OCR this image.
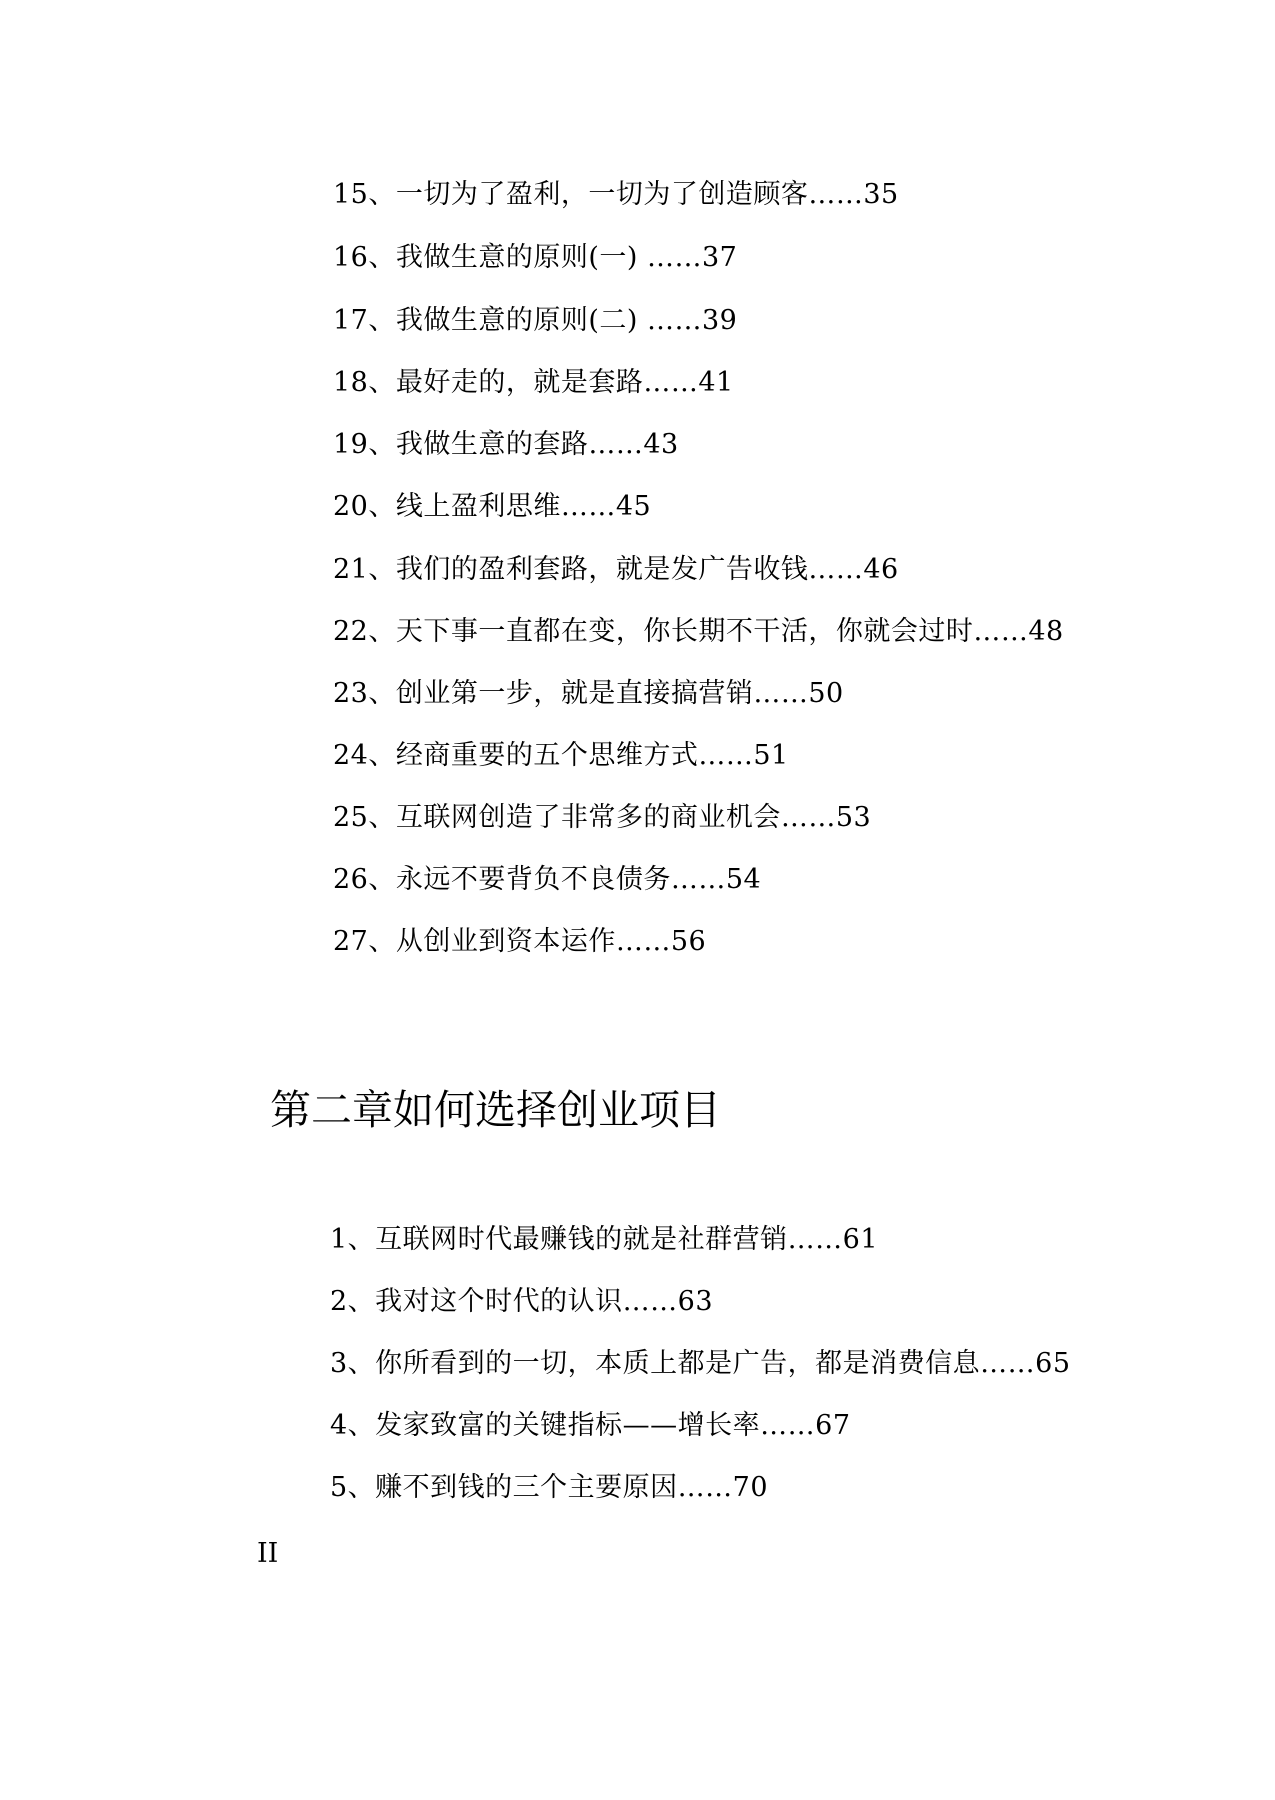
15、一切为了盈利，一切为了创造顾客……35
16、我做生意的原则(一) ……37
17、我做生意的原则(二) ……39
18、最好走的，就是套路……41
19、我做生意的套路……43
20、线上盈利思维……45
21、我们的盈利套路，就是发广告收钱……46
22、天下事一直都在变，你长期不干活，你就会过时……48
23、创业第一步，就是直接搞营销……50
24、经商重要的五个思维方式……51
25、互联网创造了非常多的商业机会……53
26、永远不要背负不良债务……54
27、从创业到资本运作……56
第二章如何选择创业项目
1、互联网时代最赚钱的就是社群营销……61
2、我对这个时代的认识……63
3、你所看到的一切，本质上都是广告，都是消费信息……65
4、发家致富的关键指标——增长率……67
5、赚不到钱的三个主要原因……70
II
